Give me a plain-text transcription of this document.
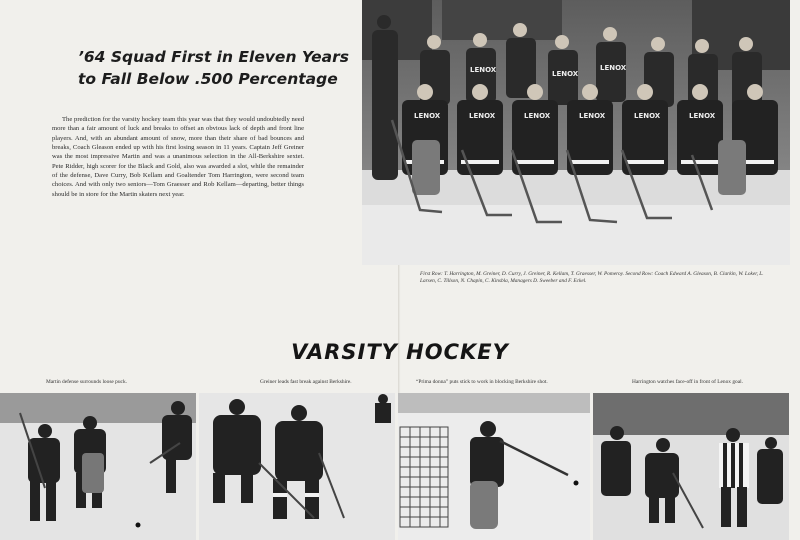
’64 Squad First in Eleven Years
to Fall Below .500 Percentage

The prediction for the varsity hockey team this year was that they would undoubtedly need more than a fair amount of luck and breaks to offset an obvious lack of depth and front line players. And, with an abundant amount of snow, more than their share of bad bounces and breaks, Coach Gleason ended up with his first losing season in 11 years. Captain Jeff Greiner was the most impressive Martin and was a unanimous selection in the All-Berkshire sextet. Pete Ridder, high scorer for the Black and Gold, also was awarded a slot, while the remainder of the defense, Dave Curry, Bob Kellam and Goaltender Tom Harrington, were second team choices. And with only two seniors—Tom Graesser and Rob Kellam—departing, better things should be in store for the Martin skaters next year.

LENOX	LENOX	LENOX	LENOX	LENOX	LENOX
LENOX	LENOX
LENOX

First Row: T. Harrington, M. Greiner, D. Curry, J. Greiner, R. Kellam, T. Graesser, W. Pomeroy. Second Row: Coach Edward A. Gleason, B. Clarkin, W. Loker, L. Larsen, C. Tillson, N. Chapin, C. Kinsbla, Managers D. Sweeber and F. Eckel.

VARSITY HOCKEY
Martin defense surrounds loose puck.	Greiner leads fast break against Berkshire.	“Prima donna” puts stick to work in blocking Berkshire shot.	Harrington watches face-off in front of Lenox goal.
